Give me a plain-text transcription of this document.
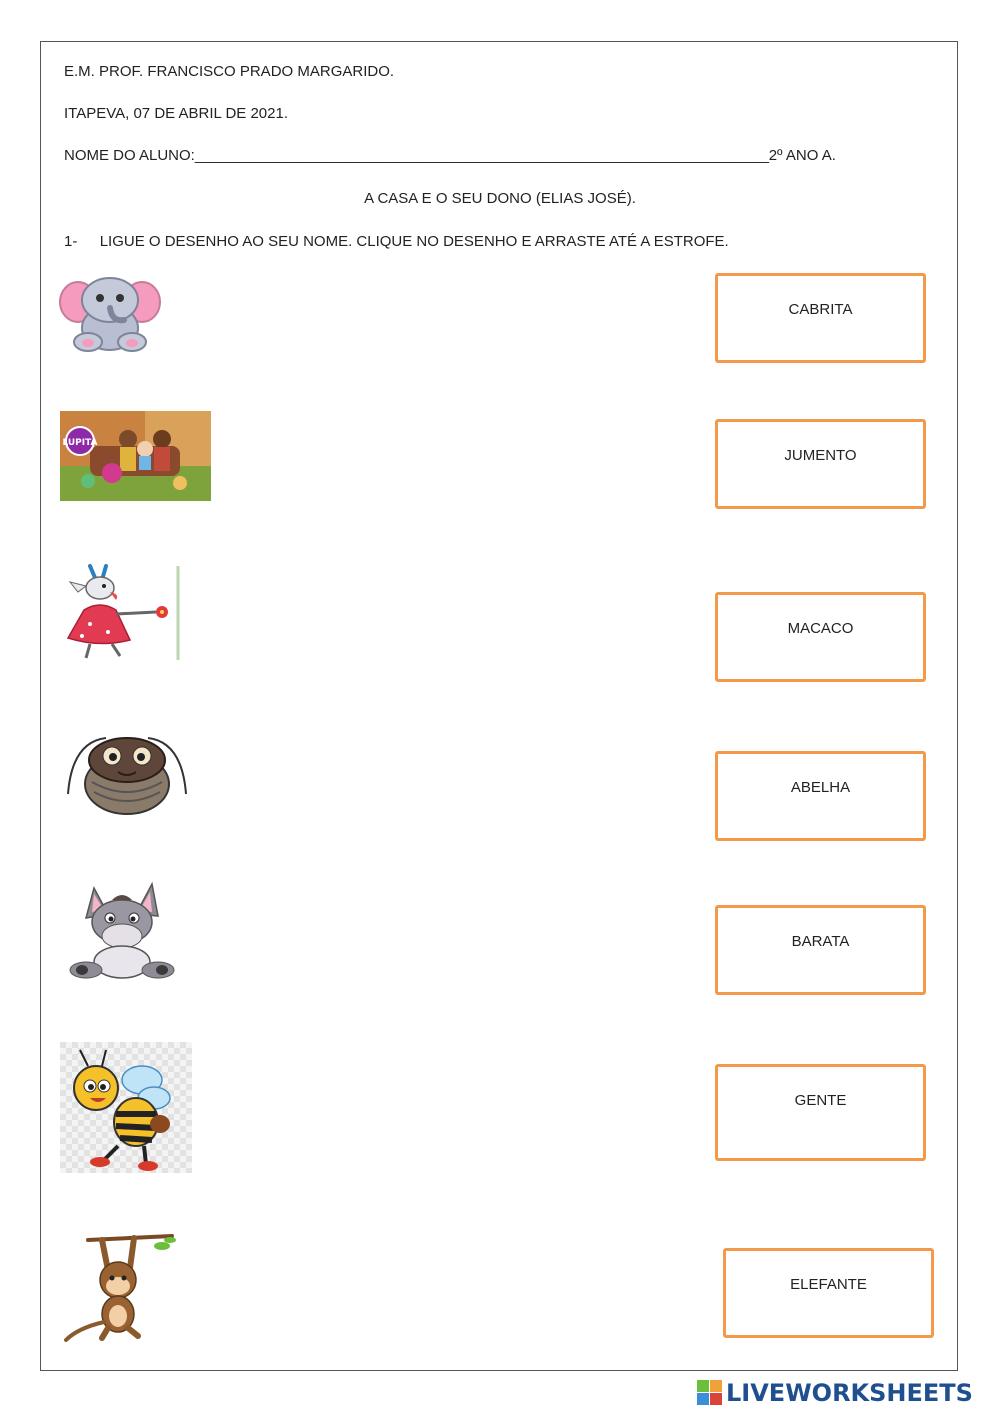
E.M. PROF. FRANCISCO PRADO MARGARIDO.
ITAPEVA, 07 DE ABRIL DE 2021.
NOME DO ALUNO:_______________________________________________________________________2º ANO A.
A CASA E O SEU DONO (ELIAS JOSÉ).
1- LIGUE O DESENHO AO SEU NOME. CLIQUE NO DESENHO E ARRASTE ATÉ A ESTROFE.
LUPITA
CABRITA
JUMENTO
MACACO
ABELHA
BARATA
GENTE
ELEFANTE
LIVEWORKSHEETS
